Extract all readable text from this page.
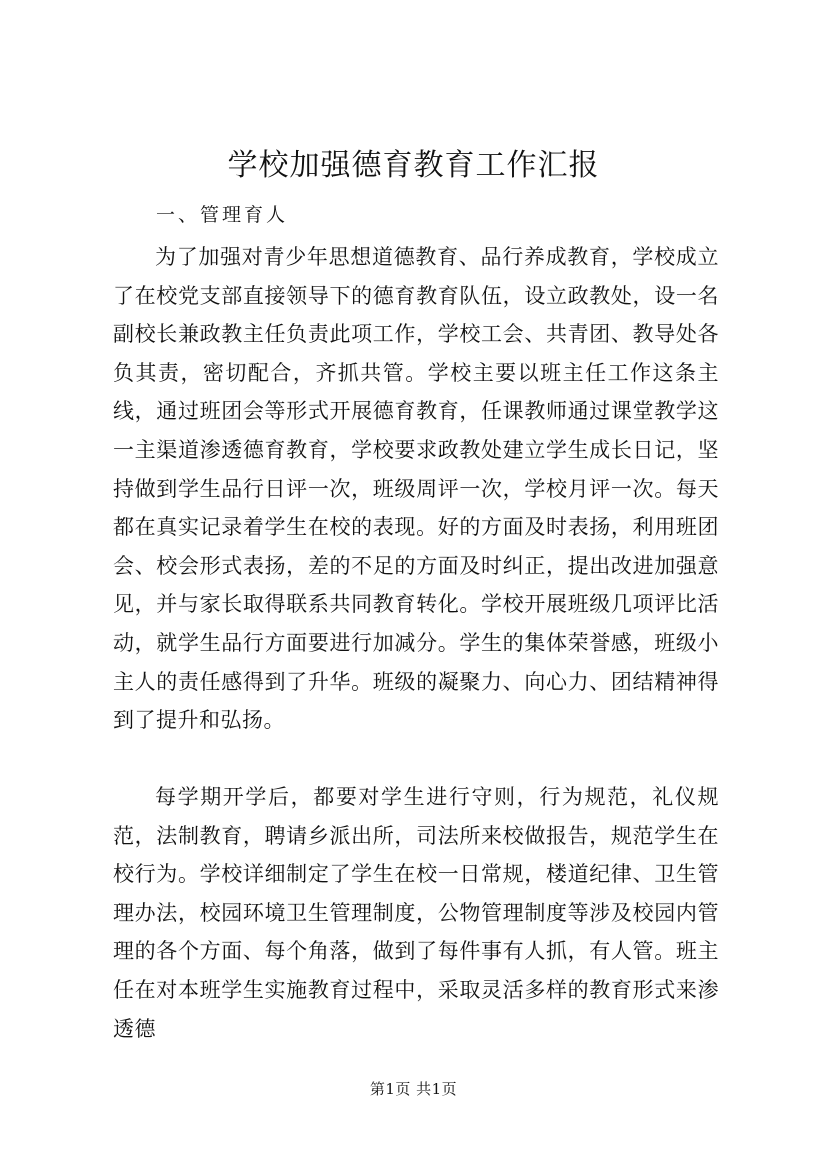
学校加强德育教育工作汇报
一、管理育人

为了加强对青少年思想道德教育、品行养成教育，学校成立了在校党支部直接领导下的德育教育队伍，设立政教处，设一名副校长兼政教主任负责此项工作，学校工会、共青团、教导处各负其责，密切配合，齐抓共管。学校主要以班主任工作这条主线，通过班团会等形式开展德育教育，任课教师通过课堂教学这一主渠道渗透德育教育，学校要求政教处建立学生成长日记，坚持做到学生品行日评一次，班级周评一次，学校月评一次。每天都在真实记录着学生在校的表现。好的方面及时表扬，利用班团会、校会形式表扬，差的不足的方面及时纠正，提出改进加强意见，并与家长取得联系共同教育转化。学校开展班级几项评比活动，就学生品行方面要进行加减分。学生的集体荣誉感，班级小主人的责任感得到了升华。班级的凝聚力、向心力、团结精神得到了提升和弘扬。

每学期开学后，都要对学生进行守则，行为规范，礼仪规范，法制教育，聘请乡派出所，司法所来校做报告，规范学生在校行为。学校详细制定了学生在校一日常规，楼道纪律、卫生管理办法，校园环境卫生管理制度，公物管理制度等涉及校园内管理的各个方面、每个角落，做到了每件事有人抓，有人管。班主任在对本班学生实施教育过程中，采取灵活多样的教育形式来渗透德

第1页 共1页
